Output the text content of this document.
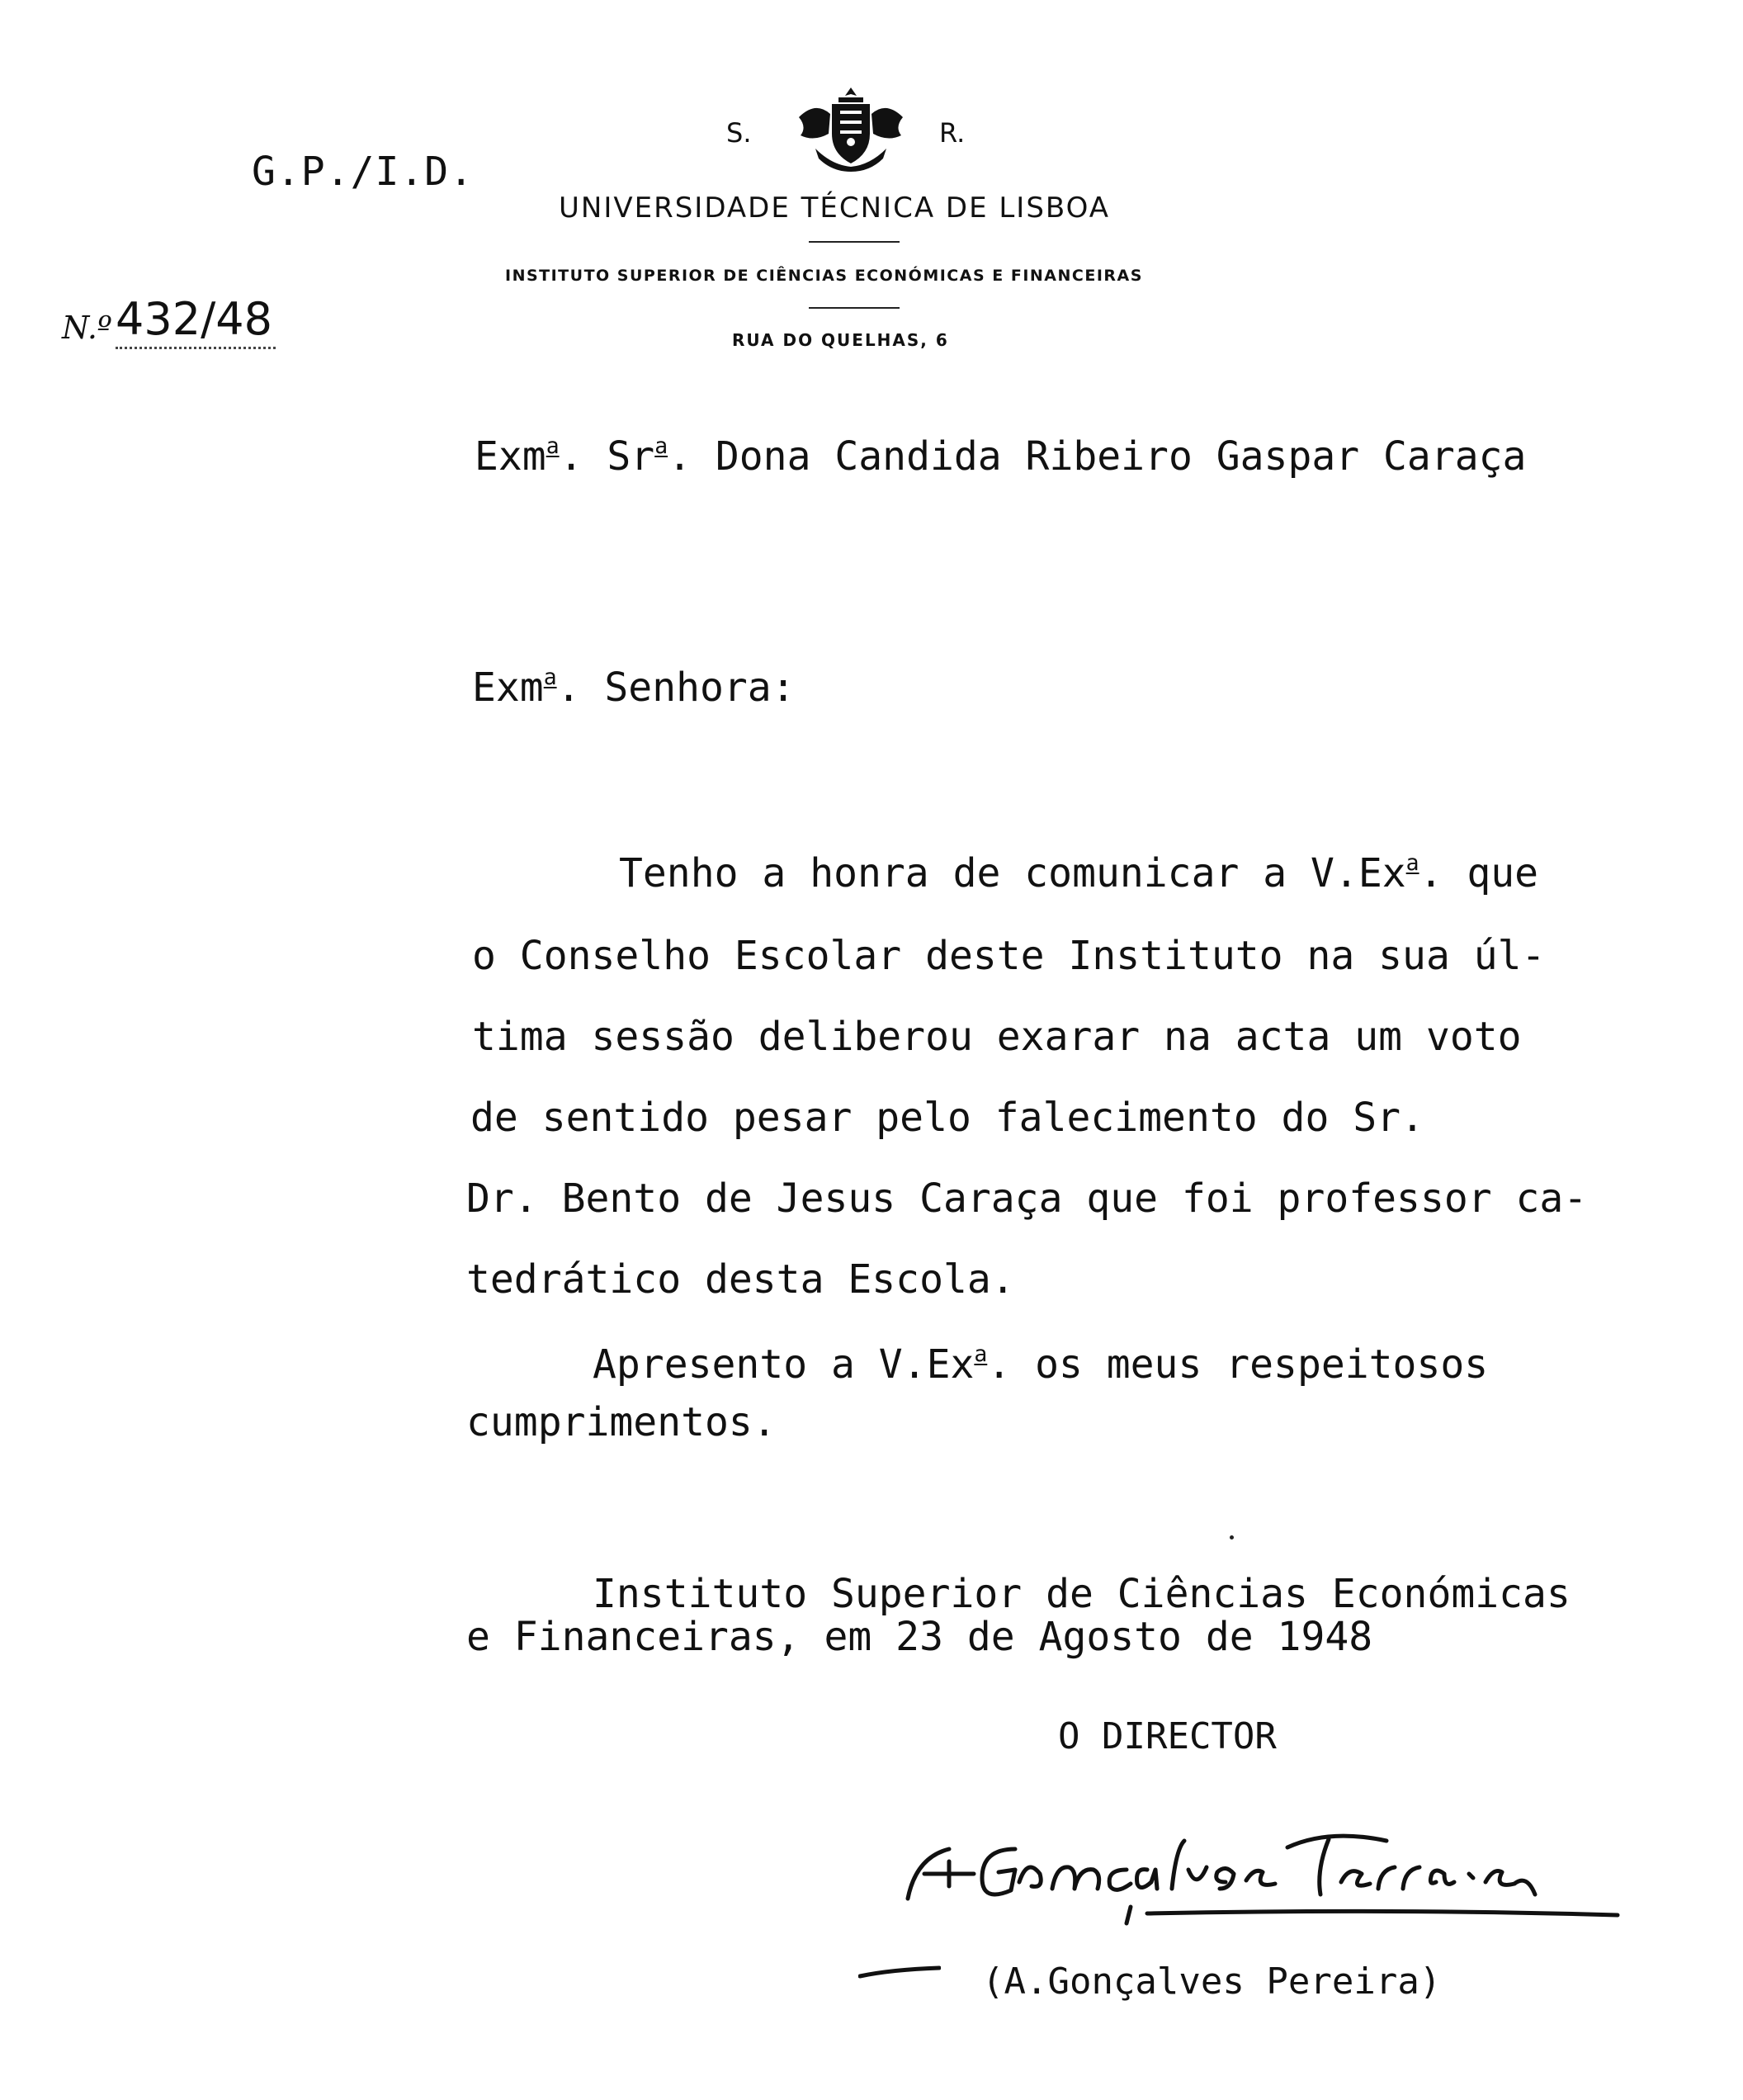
G.P./I.D.
N.º 432/48
S.	R.
UNIVERSIDADE TÉCNICA DE LISBOA
INSTITUTO SUPERIOR DE CIÊNCIAS ECONÓMICAS E FINANCEIRAS
RUA DO QUELHAS, 6
Exm$^a$. Sr$^a$. Dona Candida Ribeiro Gaspar Caraça
Exm$^a$. Senhora:
Tenho a honra de comunicar a V.Ex$^a$. que
o Conselho Escolar deste Instituto na sua úl-
tima sessão deliberou exarar na acta um voto
de sentido pesar pelo falecimento do Sr.
Dr. Bento de Jesus Caraça que foi professor ca-
tedrático desta Escola.
Apresento a V.Ex$^a$. os meus respeitosos
cumprimentos.
Instituto Superior de Ciências Económicas
e Financeiras, em 23 de Agosto de 1948
O DIRECTOR
(A.Gonçalves Pereira)
